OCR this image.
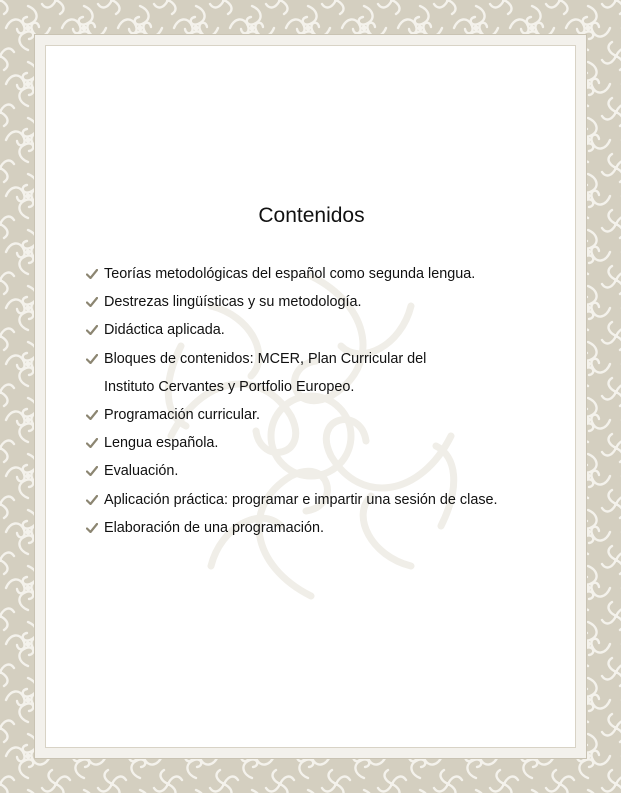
Contenidos
Teorías metodológicas del español como segunda lengua.
Destrezas lingüísticas y su metodología.
Didáctica aplicada.
Bloques de contenidos: MCER, Plan Curricular del
Instituto Cervantes y Portfolio Europeo.
Programación curricular.
Lengua española.
Evaluación.
Aplicación práctica: programar e impartir una sesión de clase.
Elaboración de una programación.
